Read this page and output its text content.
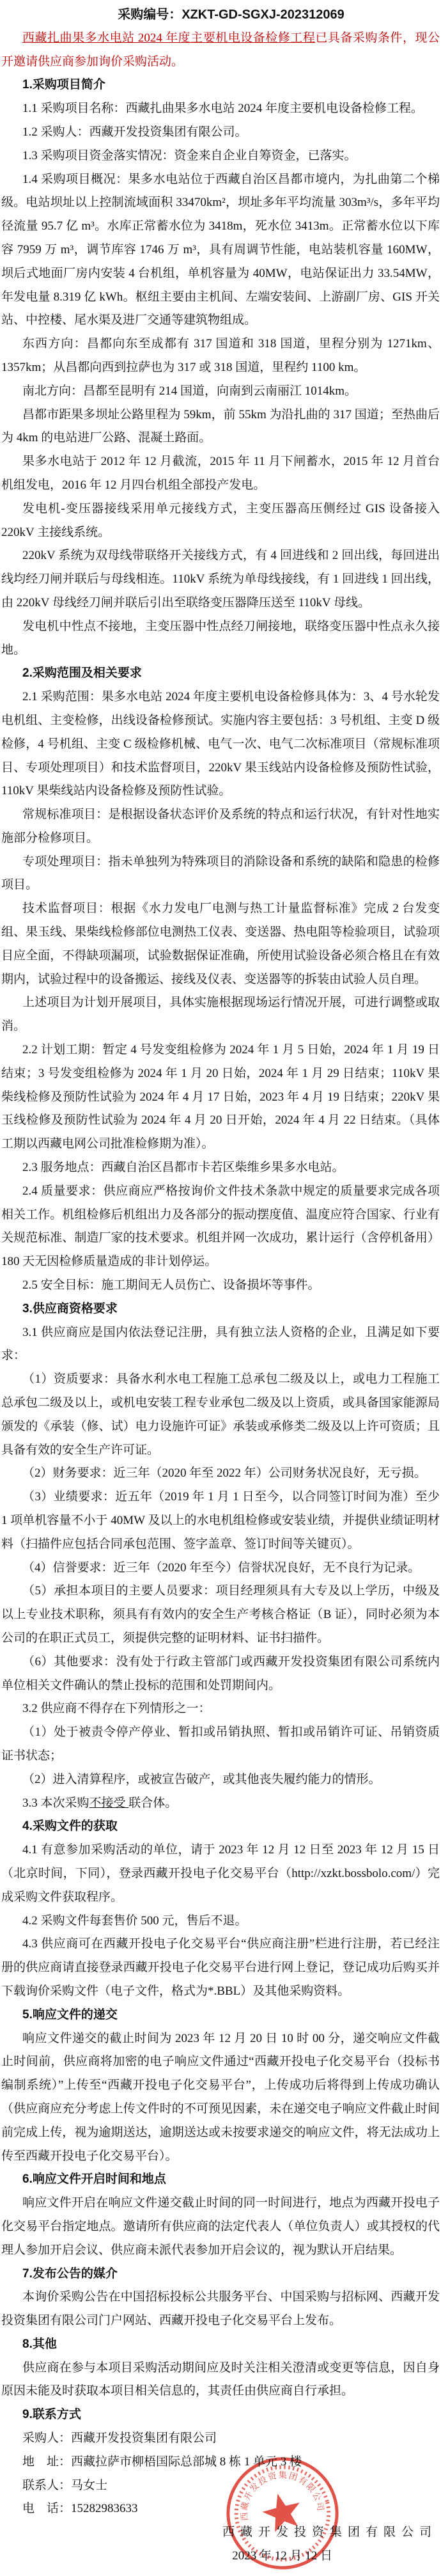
西藏开发投资集团有限公司

采购编号：XZKT-GD-SGXJ-202312069

西藏扎曲果多水电站 2024 年度主要机电设备检修工程已具备采购条件，现公开邀请供应商参加询价采购活动。

1.采购项目简介

1.1 采购项目名称：西藏扎曲果多水电站 2024 年度主要机电设备检修工程。

1.2 采购人：西藏开发投资集团有限公司。

1.3 采购项目资金落实情况：资金来自企业自筹资金，已落实。

1.4 采购项目概况：果多水电站位于西藏自治区昌都市境内，为扎曲第二个梯级。电站坝址以上控制流域面积 33470km²，坝址多年平均流量 303m³/s，多年平均径流量 95.7 亿 m³。水库正常蓄水位为 3418m，死水位 3413m。正常蓄水位以下库容 7959 万 m³，调节库容 1746 万 m³，具有周调节性能，电站装机容量 160MW，坝后式地面厂房内安装 4 台机组，单机容量为 40MW，电站保证出力 33.54MW，年发电量 8.319 亿 kWh。枢纽主要由主机间、左端安装间、上游副厂房、GIS 开关站、中控楼、尾水渠及进厂交通等建筑物组成。

东西方向：昌都向东至成都有 317 国道和 318 国道，里程分别为 1271km、1357km；从昌都向西到拉萨也为 317 或 318 国道，里程约 1100 km。

南北方向：昌都至昆明有 214 国道，向南到云南丽江 1014km。

昌都市距果多坝址公路里程为 59km，前 55km 为沿扎曲的 317 国道；至热曲后为 4km 的电站进厂公路、混凝土路面。

果多水电站于 2012 年 12 月截流，2015 年 11 月下闸蓄水，2015 年 12 月首台机组发电，2016 年 12 月四台机组全部投产发电。

发电机-变压器接线采用单元接线方式，主变压器高压侧经过 GIS 设备接入 220kV 主接线系统。

220kV 系统为双母线带联络开关接线方式，有 4 回进线和 2 回出线，每回进出线均经刀闸并联后与母线相连。110kV 系统为单母线接线，有 1 回进线 1 回出线，由 220kV 母线经刀闸并联后引出至联络变压器降压送至 110kV 母线。

发电机中性点不接地，主变压器中性点经刀闸接地，联络变压器中性点永久接地。

2.采购范围及相关要求

2.1 采购范围：果多水电站 2024 年度主要机电设备检修具体为：3、4 号水轮发电机组、主变检修，出线设备检修预试。实施内容主要包括：3 号机组、主变 D 级检修，4 号机组、主变 C 级检修机械、电气一次、电气二次标准项目（常规标准项目、专项处理项目）和技术监督项目，220kV 果玉线站内设备检修及预防性试验，110kV 果柴线站内设备检修及预防性试验。

常规标准项目：是根据设备状态评价及系统的特点和运行状况，有针对性地实施部分检修项目。

专项处理项目：指未单独列为特殊项目的消除设备和系统的缺陷和隐患的检修项目。

技术监督项目：根据《水力发电厂电测与热工计量监督标准》完成 2 台发变组、果玉线、果柴线检修部位电测热工仪表、变送器、热电阻等检验项目，试验项目应全面，不得缺项漏项，试验数据保证准确，所使用试验设备必须合格且在有效期内，试验过程中的设备搬运、接线及仪表、变送器等的拆装由试验人员自理。

上述项目为计划开展项目，具体实施根据现场运行情况开展，可进行调整或取消。

2.2 计划工期：暂定 4 号发变组检修为 2024 年 1 月 5 日始，2024 年 1 月 19 日结束；3 号发变组检修为 2024 年 1 月 20 日始，2024 年 1 月 29 日结束；110kV 果柴线检修及预防性试验为 2024 年 4 月 17 日始，2023 年 4 月 19 日结束；220kV 果玉线检修及预防性试验为 2024 年 4 月 20 日开始，2024 年 4 月 22 日结束。（具体工期以西藏电网公司批准检修期为准）。

2.3 服务地点：西藏自治区昌都市卡若区柴维乡果多水电站。

2.4 质量要求：供应商应严格按询价文件技术条款中规定的质量要求完成各项相关工作。机组检修后机组出力及各部分的振动摆度值、温度应符合国家、行业有关规范标准、制造厂家的技术要求。机组并网一次成功，累计运行（含停机备用）180 天无因检修质量造成的非计划停运。

2.5 安全目标：施工期间无人员伤亡、设备损坏等事件。

3.供应商资格要求

3.1 供应商应是国内依法登记注册，具有独立法人资格的企业，且满足如下要求：

（1）资质要求：具备水利水电工程施工总承包二级及以上，或电力工程施工总承包二级及以上，或机电安装工程专业承包二级及以上资质，或具备国家能源局颁发的《承装（修、试）电力设施许可证》承装或承修类二级及以上许可资质；且具备有效的安全生产许可证。

（2）财务要求：近三年（2020 年至 2022 年）公司财务状况良好，无亏损。

（3）业绩要求：近五年（2019 年 1 月 1 日至今，以合同签订时间为准）至少 1 项单机容量不小于 40MW 及以上的水电机组检修或安装业绩，并提供业绩证明材料（扫描件应包括合同承包范围、签字盖章、签订时间等关键页）。

（4）信誉要求：近三年（2020 年至今）信誉状况良好，无不良行为记录。

（5）承担本项目的主要人员要求：项目经理须具有大专及以上学历，中级及以上专业技术职称，须具有有效内的安全生产考核合格证（B 证），同时必须为本公司的在职正式员工，须提供完整的证明材料、证书扫描件。

（6）其他要求：没有处于行政主管部门或西藏开发投资集团有限公司系统内单位相关文件确认的禁止投标的范围和处罚期间内。

3.2 供应商不得存在下列情形之一：

（1）处于被责令停产停业、暂扣或吊销执照、暂扣或吊销许可证、吊销资质证书状态；

（2）进入清算程序，或被宣告破产，或其他丧失履约能力的情形。

3.3 本次采购不接受 联合体。

4.采购文件的获取

4.1 有意参加采购活动的单位，请于 2023 年 12 月 12 日至 2023 年 12 月 15 日（北京时间，下同），登录西藏开投电子化交易平台（http://xzkt.bossbolo.com/）完成采购文件获取程序。

4.2 采购文件每套售价 500 元，售后不退。

4.3 供应商可在西藏开投电子化交易平台“供应商注册”栏进行注册，若已经注册的供应商请直接登录西藏开投电子化交易平台进行网上登记，登记成功后购买并下载询价采购文件（电子文件，格式为*.BBL）及其他采购资料。

5.响应文件的递交

响应文件递交的截止时间为 2023 年 12 月 20 日 10 时 00 分，递交响应文件截止时间前，供应商将加密的电子响应文件通过“西藏开投电子化交易平台（投标书编制系统）”上传至“西藏开投电子化交易平台”，上传成功后将得到上传成功确认（供应商应充分考虑上传文件时的不可预见因素，未在递交电子响应文件截止时间前完成上传，视为逾期送达，逾期送达或未按要求递交的响应文件，将无法成功上传至西藏开投电子化交易平台）。

6.响应文件开启时间和地点

响应文件开启在响应文件递交截止时间的同一时间进行，地点为西藏开投电子化交易平台指定地点。邀请所有供应商的法定代表人（单位负责人）或其授权的代理人参加开启会议、供应商未派代表参加开启会议的，视为默认开启结果。

7.发布公告的媒介

本询价采购公告在中国招标投标公共服务平台、中国采购与招标网、西藏开发投资集团有限公司门户网站、西藏开投电子化交易平台上发布。

8.其他

供应商在参与本项目采购活动期间应及时关注相关澄清或变更等信息，因自身原因未能及时获取本项目相关信息的，其责任由供应商自行承担。

9.联系方式

采购人：西藏开发投资集团有限公司

地　址：西藏拉萨市柳梧国际总部城 8 栋 1 单元 3 楼

联系人：马女士

电　话：15282983633

西藏开发投资集团有限公司

2023 年 12 月 12 日
